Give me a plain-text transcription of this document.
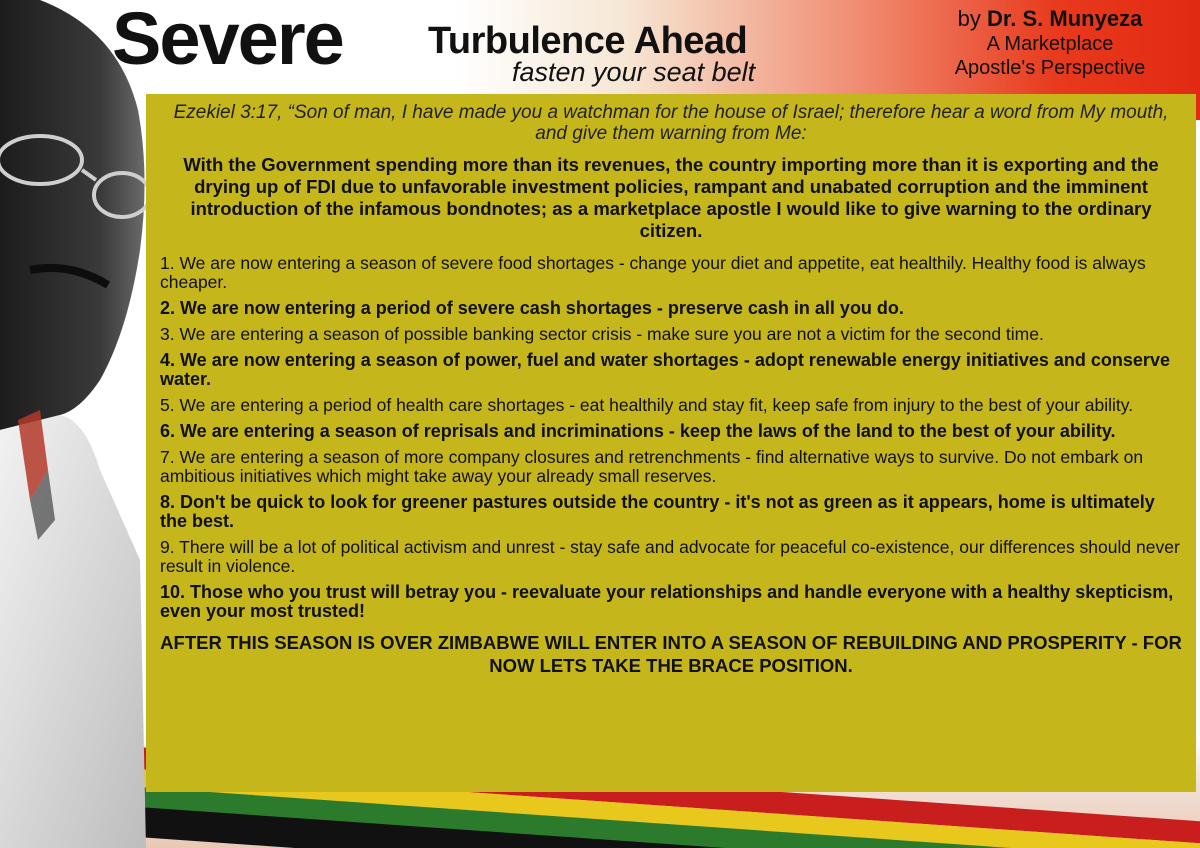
Severe Turbulence Ahead
fasten your seat belt
by Dr. S. Munyeza
A Marketplace
Apostle's Perspective

Ezekiel 3:17, “Son of man, I have made you a watchman for the house of Israel; therefore hear a word from My mouth, and give them warning from Me:

With the Government spending more than its revenues, the country importing more than it is exporting and the drying up of FDI due to unfavorable investment policies, rampant and unabated corruption and the imminent introduction of the infamous bondnotes; as a marketplace apostle I would like to give warning to the ordinary citizen.

1. We are now entering a season of severe food shortages - change your diet and appetite, eat healthily. Healthy food is always cheaper.

2. We are now entering a period of severe cash shortages - preserve cash in all you do.

3. We are entering a season of possible banking sector crisis - make sure you are not a victim for the second time.

4. We are now entering a season of power, fuel and water shortages - adopt renewable energy initiatives and conserve water.

5. We are entering a period of health care shortages - eat healthily and stay fit, keep safe from injury to the best of your ability.

6. We are entering a season of reprisals and incriminations - keep the laws of the land to the best of your ability.

7. We are entering a season of more company closures and retrenchments - find alternative ways to survive. Do not embark on ambitious initiatives which might take away your already small reserves.

8. Don't be quick to look for greener pastures outside the country - it's not as green as it appears, home is ultimately the best.

9. There will be a lot of political activism and unrest - stay safe and advocate for peaceful co-existence, our differences should never result in violence.

10. Those who you trust will betray you - reevaluate your relationships and handle everyone with a healthy skepticism, even your most trusted!

AFTER THIS SEASON IS OVER ZIMBABWE WILL ENTER INTO A SEASON OF REBUILDING AND PROSPERITY - FOR NOW LETS TAKE THE BRACE POSITION.
